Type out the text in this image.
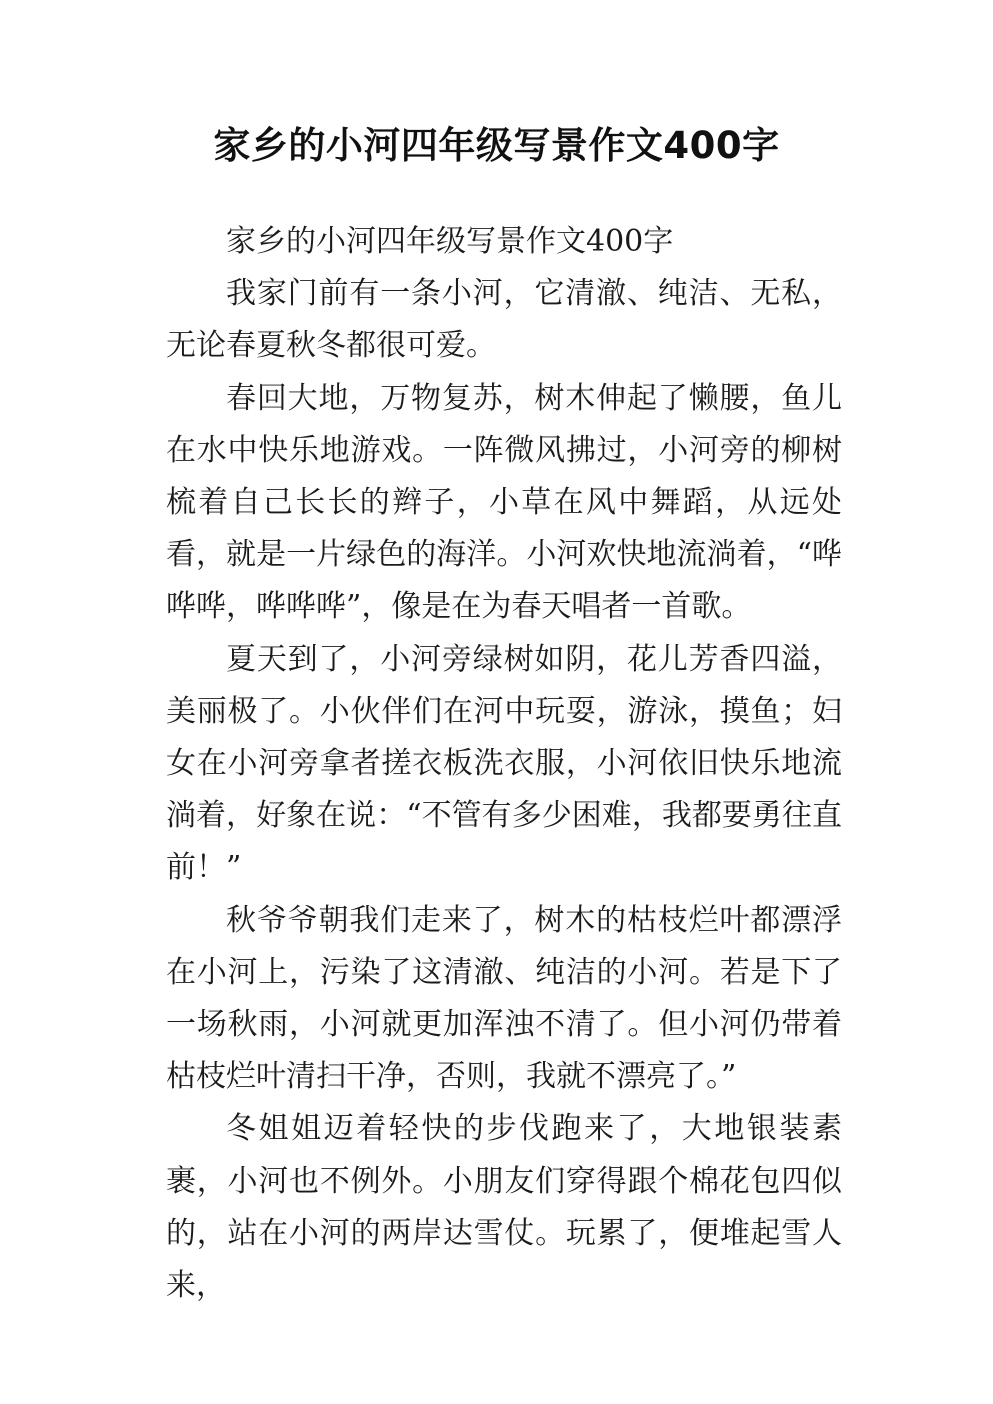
家乡的小河四年级写景作文400字

家乡的小河四年级写景作文400字

我家门前有一条小河，它清澈、纯洁、无私，无论春夏秋冬都很可爱。

春回大地，万物复苏，树木伸起了懒腰，鱼儿在水中快乐地游戏。一阵微风拂过，小河旁的柳树梳着自己长长的辫子，小草在风中舞蹈，从远处看，就是一片绿色的海洋。小河欢快地流淌着，“哗哗哗，哗哗哗”，像是在为春天唱者一首歌。

夏天到了，小河旁绿树如阴，花儿芳香四溢，美丽极了。小伙伴们在河中玩耍，游泳，摸鱼；妇女在小河旁拿者搓衣板洗衣服，小河依旧快乐地流淌着，好象在说：“不管有多少困难，我都要勇往直前！”

秋爷爷朝我们走来了，树木的枯枝烂叶都漂浮在小河上，污染了这清澈、纯洁的小河。若是下了一场秋雨，小河就更加浑浊不清了。但小河仍带着枯枝烂叶清扫干净，否则，我就不漂亮了。”

冬姐姐迈着轻快的步伐跑来了，大地银装素裹，小河也不例外。小朋友们穿得跟个棉花包四似的，站在小河的两岸达雪仗。玩累了，便堆起雪人来，
